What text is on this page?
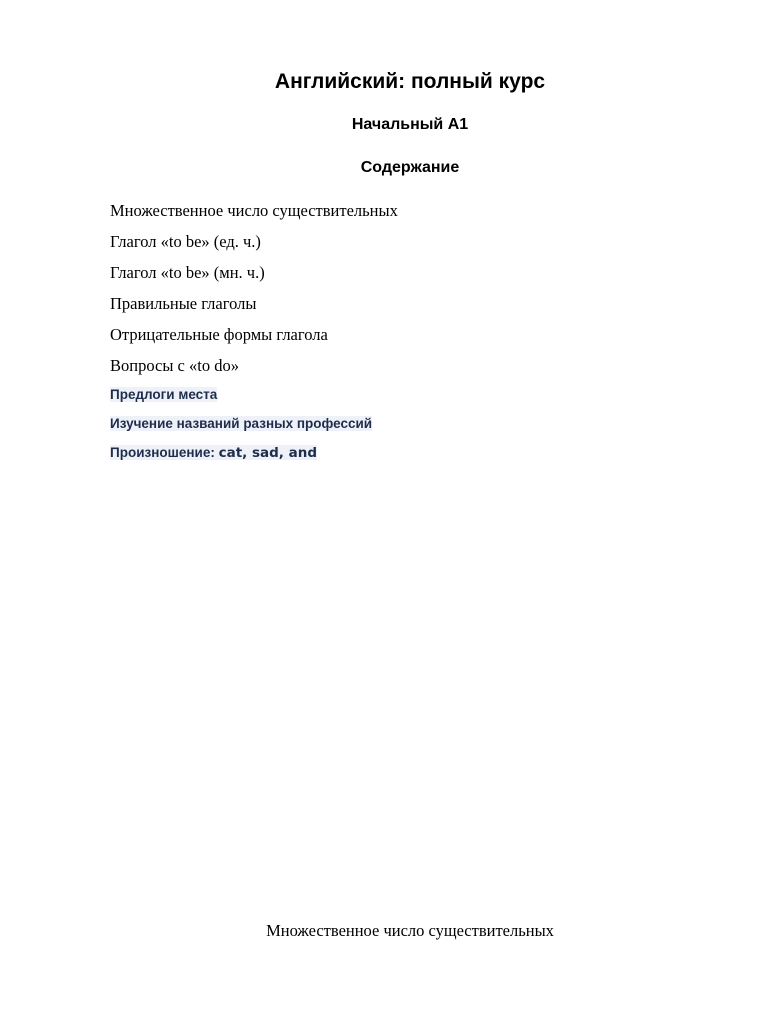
Английский: полный курс
Начальный A1
Содержание
Множественное число существительных
Глагол «to be» (ед. ч.)
Глагол «to be» (мн. ч.)
Правильные глаголы
Отрицательные формы глагола
Вопросы с «to do»
Предлоги места
Изучение названий разных профессий
Произношение: cat, sad, and
Множественное число существительных
